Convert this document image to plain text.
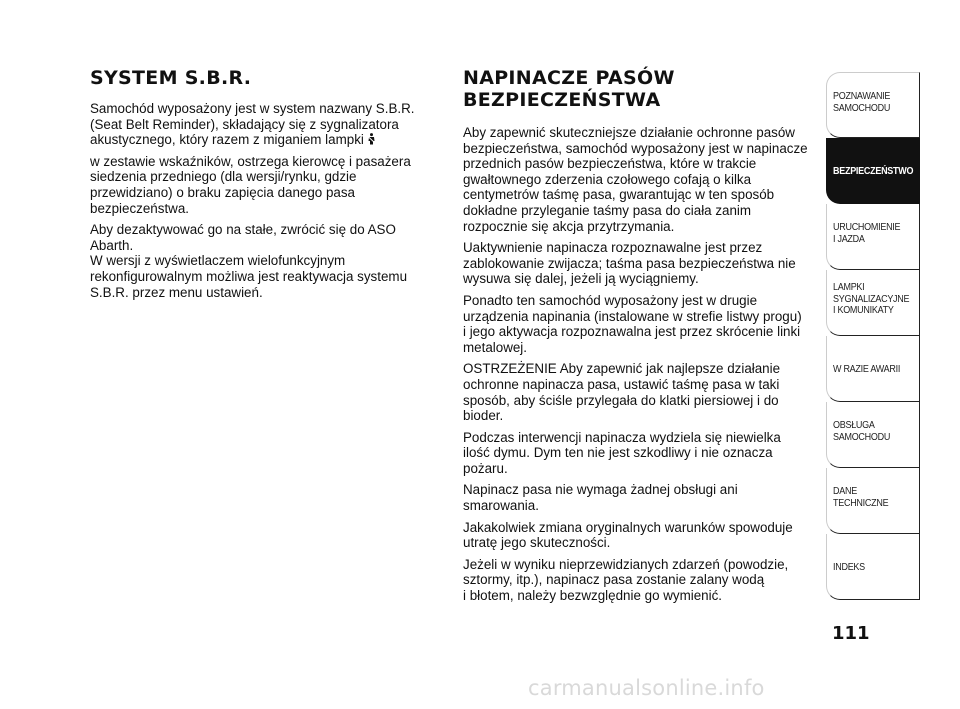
SYSTEM S.B.R.

Samochód wyposażony jest w system nazwany S.B.R.
(Seat Belt Reminder), składający się z sygnalizatora
akustycznego, który razem z miganiem lampki

w zestawie wskaźników, ostrzega kierowcę i pasażera
siedzenia przedniego (dla wersji/rynku, gdzie
przewidziano) o braku zapięcia danego pasa
bezpieczeństwa.

Aby dezaktywować go na stałe, zwrócić się do ASO
Abarth.
W wersji z wyświetlaczem wielofunkcyjnym
rekonfigurowalnym możliwa jest reaktywacja systemu
S.B.R. przez menu ustawień.

NAPINACZE PASÓW
BEZPIECZEŃSTWA

Aby zapewnić skuteczniejsze działanie ochronne pasów
bezpieczeństwa, samochód wyposażony jest w napinacze
przednich pasów bezpieczeństwa, które w trakcie
gwałtownego zderzenia czołowego cofają o kilka
centymetrów taśmę pasa, gwarantując w ten sposób
dokładne przyleganie taśmy pasa do ciała zanim
rozpocznie się akcja przytrzymania.

Uaktywnienie napinacza rozpoznawalne jest przez
zablokowanie zwijacza; taśma pasa bezpieczeństwa nie
wysuwa się dalej, jeżeli ją wyciągniemy.

Ponadto ten samochód wyposażony jest w drugie
urządzenia napinania (instalowane w strefie listwy progu)
i jego aktywacja rozpoznawalna jest przez skrócenie linki
metalowej.

OSTRZEŻENIE Aby zapewnić jak najlepsze działanie
ochronne napinacza pasa, ustawić taśmę pasa w taki
sposób, aby ściśle przylegała do klatki piersiowej i do
bioder.

Podczas interwencji napinacza wydziela się niewielka
ilość dymu. Dym ten nie jest szkodliwy i nie oznacza
pożaru.

Napinacz pasa nie wymaga żadnej obsługi ani
smarowania.

Jakakolwiek zmiana oryginalnych warunków spowoduje
utratę jego skuteczności.

Jeżeli w wyniku nieprzewidzianych zdarzeń (powodzie,
sztormy, itp.), napinacz pasa zostanie zalany wodą
i błotem, należy bezwzględnie go wymienić.

POZNAWANIE
SAMOCHODU
BEZPIECZEŃSTWO
URUCHOMIENIE
I JAZDA
LAMPKI
SYGNALIZACYJNE
I KOMUNIKATY
W RAZIE AWARII
OBSŁUGA
SAMOCHODU
DANE
TECHNICZNE
INDEKS
111
carmanualsonline.info
